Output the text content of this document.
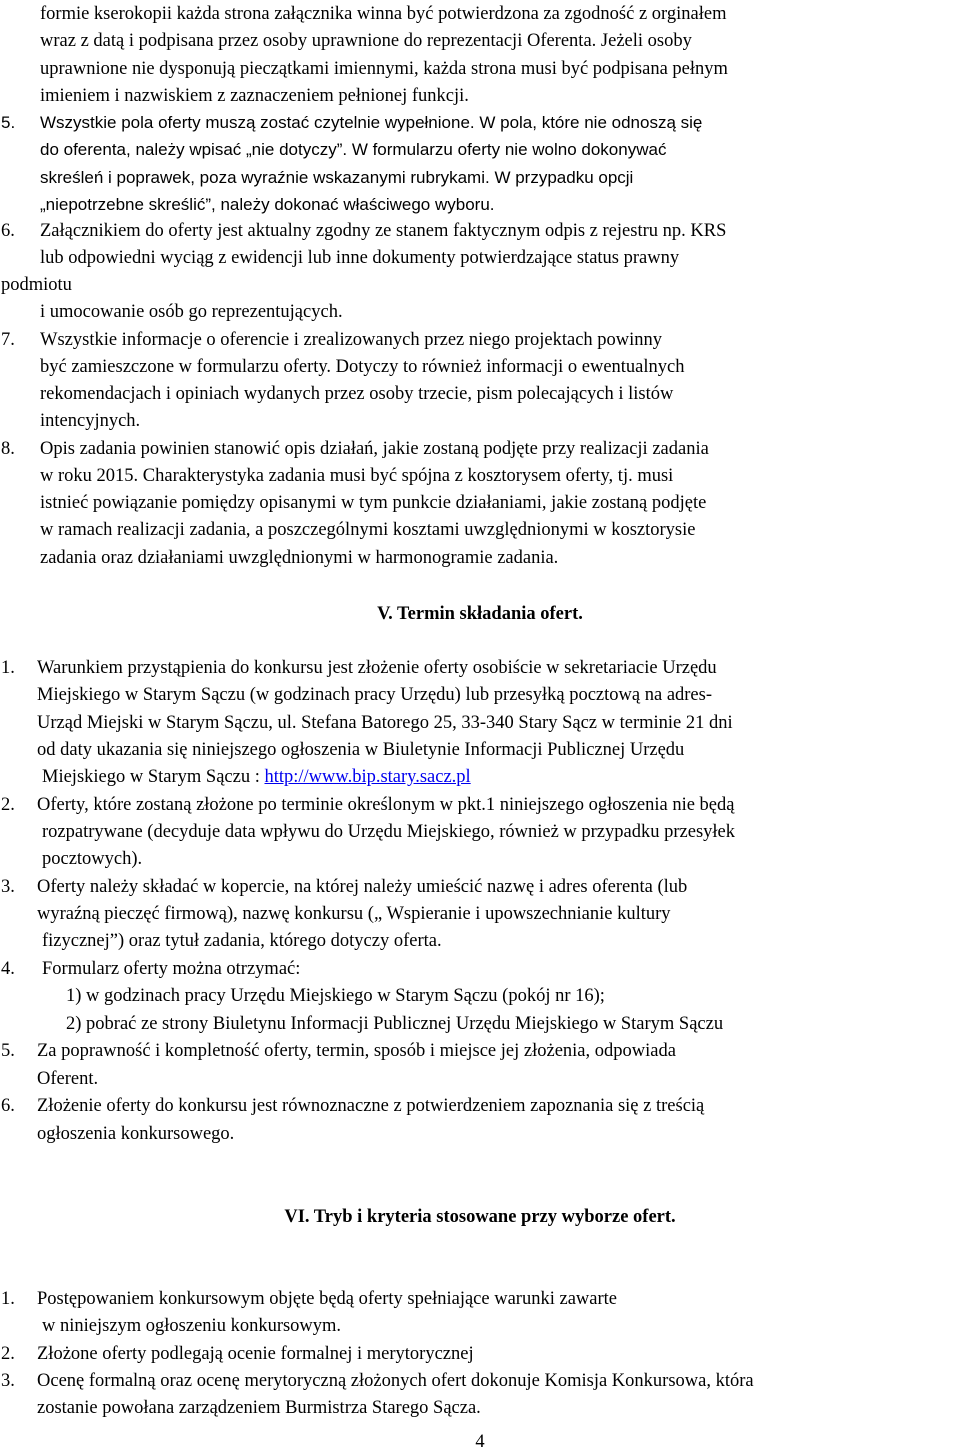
formie kserokopii każda strona załącznika winna być potwierdzona za zgodność z orginałem

wraz z datą i podpisana przez osoby uprawnione do reprezentacji Oferenta. Jeżeli osoby

uprawnione nie dysponują pieczątkami imiennymi, każda strona musi być podpisana pełnym

imieniem i nazwiskiem z zaznaczeniem pełnionej funkcji.

5. Wszystkie pola oferty muszą zostać czytelnie wypełnione. W pola, które nie odnoszą się

do oferenta, należy wpisać „nie dotyczy”. W formularzu oferty nie wolno dokonywać

skreśleń i poprawek, poza wyraźnie wskazanymi rubrykami. W przypadku opcji

„niepotrzebne skreślić”, należy dokonać właściwego wyboru.

6. Załącznikiem do oferty jest aktualny zgodny ze stanem faktycznym odpis z rejestru np. KRS

lub odpowiedni wyciąg z ewidencji lub inne dokumenty potwierdzające status prawny

podmiotu

i umocowanie osób go reprezentujących.

7. Wszystkie informacje o oferencie i zrealizowanych przez niego projektach powinny

być zamieszczone w formularzu oferty. Dotyczy to również informacji o ewentualnych

rekomendacjach i opiniach wydanych przez osoby trzecie, pism polecających i listów

intencyjnych.

8. Opis zadania powinien stanowić opis działań, jakie zostaną podjęte przy realizacji zadania

w roku 2015. Charakterystyka zadania musi być spójna z kosztorysem oferty, tj. musi

istnieć powiązanie pomiędzy opisanymi w tym punkcie działaniami, jakie zostaną podjęte

w ramach realizacji zadania, a poszczególnymi kosztami uwzględnionymi w kosztorysie

zadania oraz działaniami uwzględnionymi w harmonogramie zadania.

V. Termin składania ofert.

1. Warunkiem przystąpienia do konkursu jest złożenie oferty osobiście w sekretariacie Urzędu

Miejskiego w Starym Sączu (w godzinach pracy Urzędu) lub przesyłką pocztową na adres-

Urząd Miejski w Starym Sączu, ul. Stefana Batorego 25, 33-340 Stary Sącz w terminie 21 dni

od daty ukazania się niniejszego ogłoszenia w Biuletynie Informacji Publicznej Urzędu

Miejskiego w Starym Sączu : http://www.bip.stary.sacz.pl

2. Oferty, które zostaną złożone po terminie określonym w pkt.1 niniejszego ogłoszenia nie będą

rozpatrywane (decyduje data wpływu do Urzędu Miejskiego, również w przypadku przesyłek

pocztowych).

3. Oferty należy składać w kopercie, na której należy umieścić nazwę i adres oferenta (lub

wyraźną pieczęć firmową), nazwę konkursu („ Wspieranie i upowszechnianie kultury

fizycznej”) oraz tytuł zadania, którego dotyczy oferta.

4. Formularz oferty można otrzymać:

1) w godzinach pracy Urzędu Miejskiego w Starym Sączu (pokój nr 16);

2) pobrać ze strony Biuletynu Informacji Publicznej Urzędu Miejskiego w Starym Sączu

5. Za poprawność i kompletność oferty, termin, sposób i miejsce jej złożenia, odpowiada

Oferent.

6. Złożenie oferty do konkursu jest równoznaczne z potwierdzeniem zapoznania się z treścią

ogłoszenia konkursowego.

VI. Tryb i kryteria stosowane przy wyborze ofert.

1. Postępowaniem konkursowym objęte będą oferty spełniające warunki zawarte

w niniejszym ogłoszeniu konkursowym.

2. Złożone oferty podlegają ocenie formalnej i merytorycznej

3. Ocenę formalną oraz ocenę merytoryczną złożonych ofert dokonuje Komisja Konkursowa, która

zostanie powołana zarządzeniem Burmistrza Starego Sącza.

4
